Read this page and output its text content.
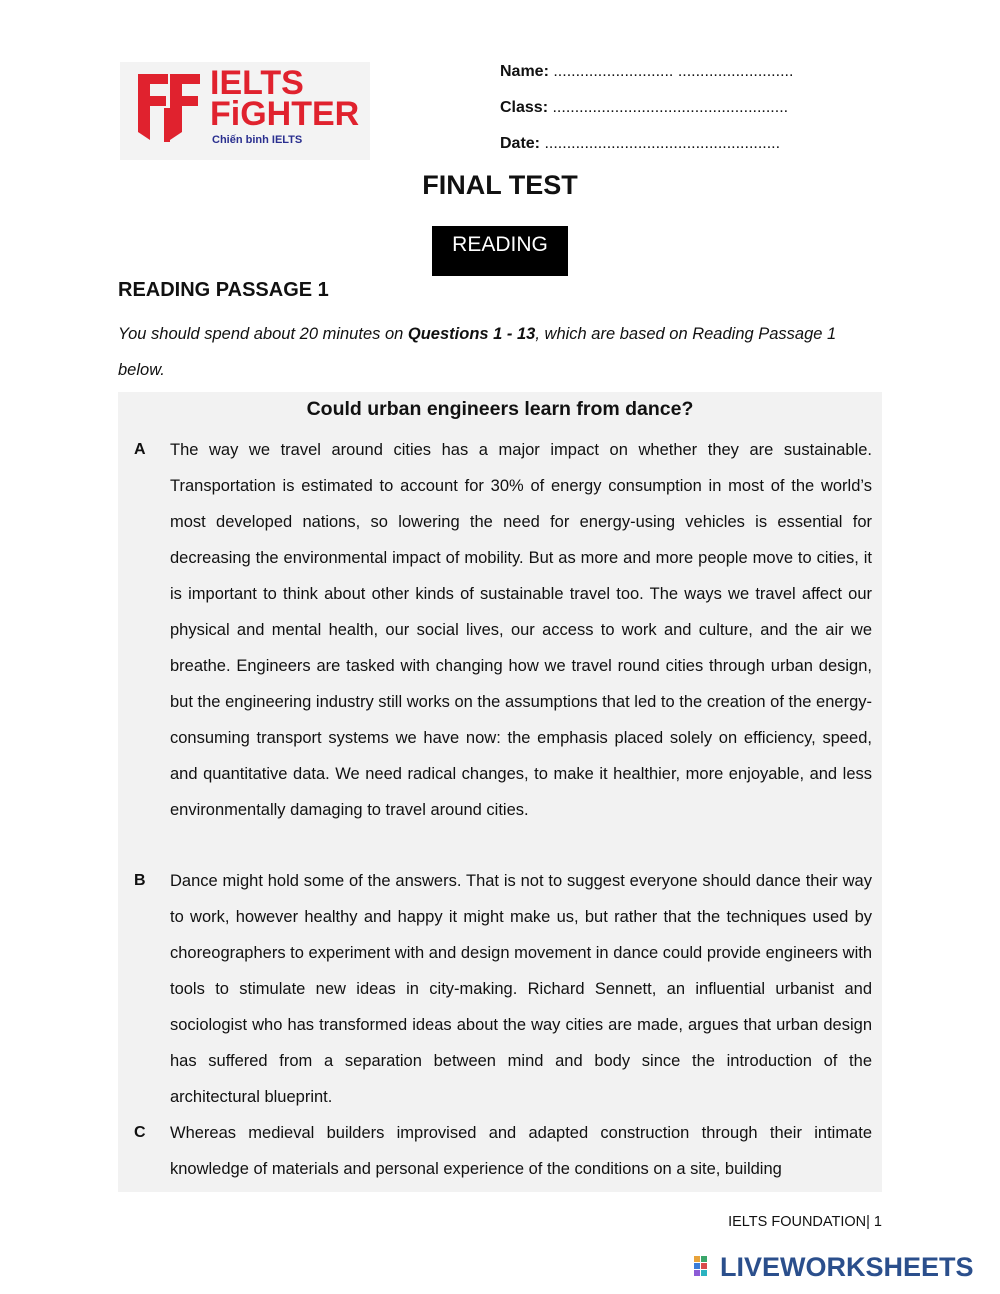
IELTS
FiGHTER
Chiến binh IELTS
Name: ........................... ..........................
Class: .....................................................
Date: .....................................................
FINAL TEST
READING
READING PASSAGE 1
You should spend about 20 minutes on Questions 1 - 13, which are based on Reading Passage 1 below.
Could urban engineers learn from dance?
A The way we travel around cities has a major impact on whether they are sustainable. Transportation is estimated to account for 30% of energy consumption in most of the world’s most developed nations, so lowering the need for energy-using vehicles is essential for decreasing the environmental impact of mobility. But as more and more people move to cities, it is important to think about other kinds of sustainable travel too. The ways we travel affect our physical and mental health, our social lives, our access to work and culture, and the air we breathe. Engineers are tasked with changing how we travel round cities through urban design, but the engineering industry still works on the assumptions that led to the creation of the energy-consuming transport systems we have now: the emphasis placed solely on efficiency, speed, and quantitative data. We need radical changes, to make it healthier, more enjoyable, and less environmentally damaging to travel around cities.
B Dance might hold some of the answers. That is not to suggest everyone should dance their way to work, however healthy and happy it might make us, but rather that the techniques used by choreographers to experiment with and design movement in dance could provide engineers with tools to stimulate new ideas in city-making. Richard Sennett, an influential urbanist and sociologist who has transformed ideas about the way cities are made, argues that urban design has suffered from a separation between mind and body since the introduction of the architectural blueprint.
C Whereas medieval builders improvised and adapted construction through their intimate knowledge of materials and personal experience of the conditions on a site, building
IELTS FOUNDATION| 1
LIVEWORKSHEETS
